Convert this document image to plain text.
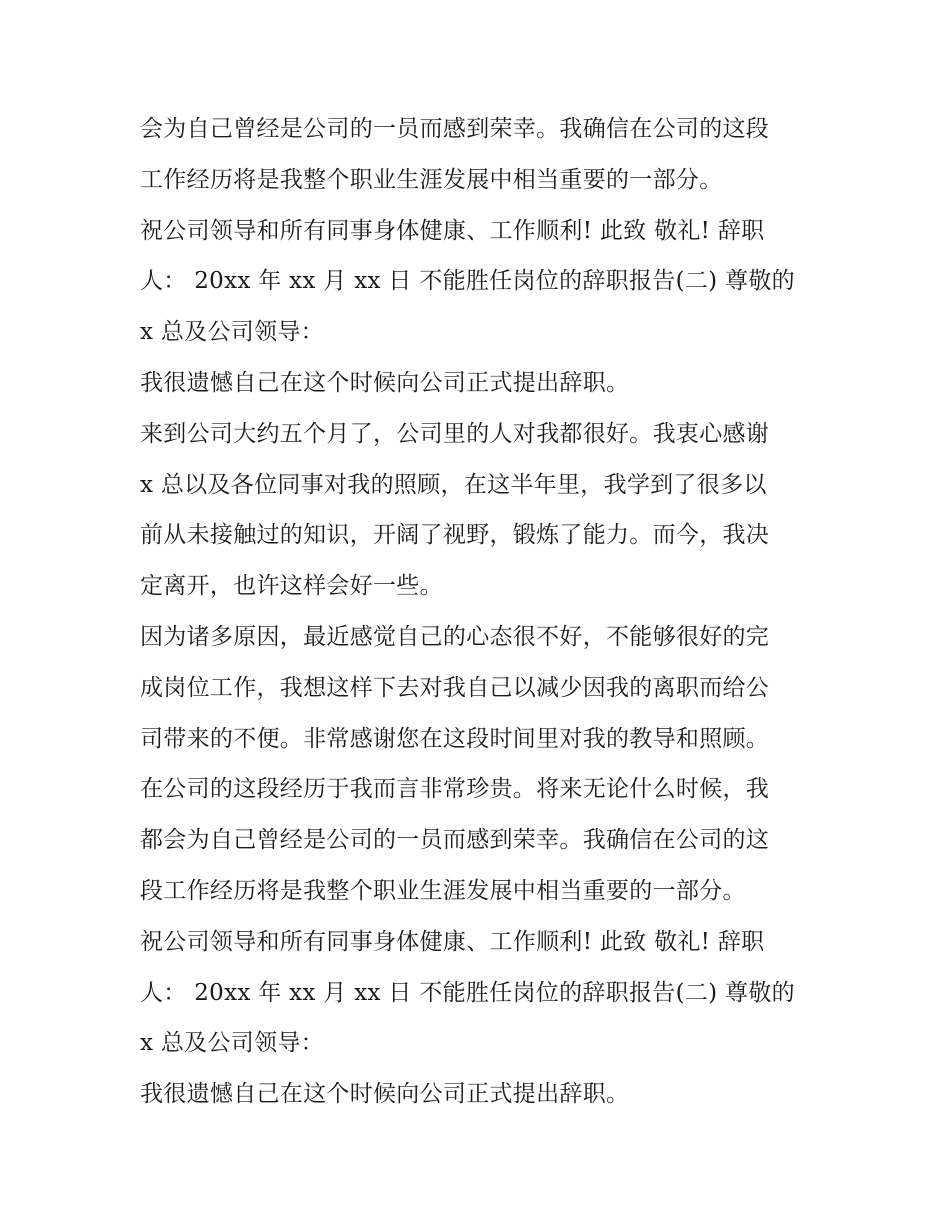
会为自己曾经是公司的一员而感到荣幸。我确信在公司的这段
工作经历将是我整个职业生涯发展中相当重要的一部分。
祝公司领导和所有同事身体健康、工作顺利! 此致 敬礼! 辞职
人： 20xx 年 xx 月 xx 日 不能胜任岗位的辞职报告(二) 尊敬的
x 总及公司领导：
我很遗憾自己在这个时候向公司正式提出辞职。
来到公司大约五个月了，公司里的人对我都很好。我衷心感谢
x 总以及各位同事对我的照顾，在这半年里，我学到了很多以
前从未接触过的知识，开阔了视野，锻炼了能力。而今，我决
定离开，也许这样会好一些。
因为诸多原因，最近感觉自己的心态很不好，不能够很好的完
成岗位工作，我想这样下去对我自己以减少因我的离职而给公
司带来的不便。非常感谢您在这段时间里对我的教导和照顾。
在公司的这段经历于我而言非常珍贵。将来无论什么时候，我
都会为自己曾经是公司的一员而感到荣幸。我确信在公司的这
段工作经历将是我整个职业生涯发展中相当重要的一部分。
祝公司领导和所有同事身体健康、工作顺利! 此致 敬礼! 辞职
人： 20xx 年 xx 月 xx 日 不能胜任岗位的辞职报告(二) 尊敬的
x 总及公司领导：
我很遗憾自己在这个时候向公司正式提出辞职。
